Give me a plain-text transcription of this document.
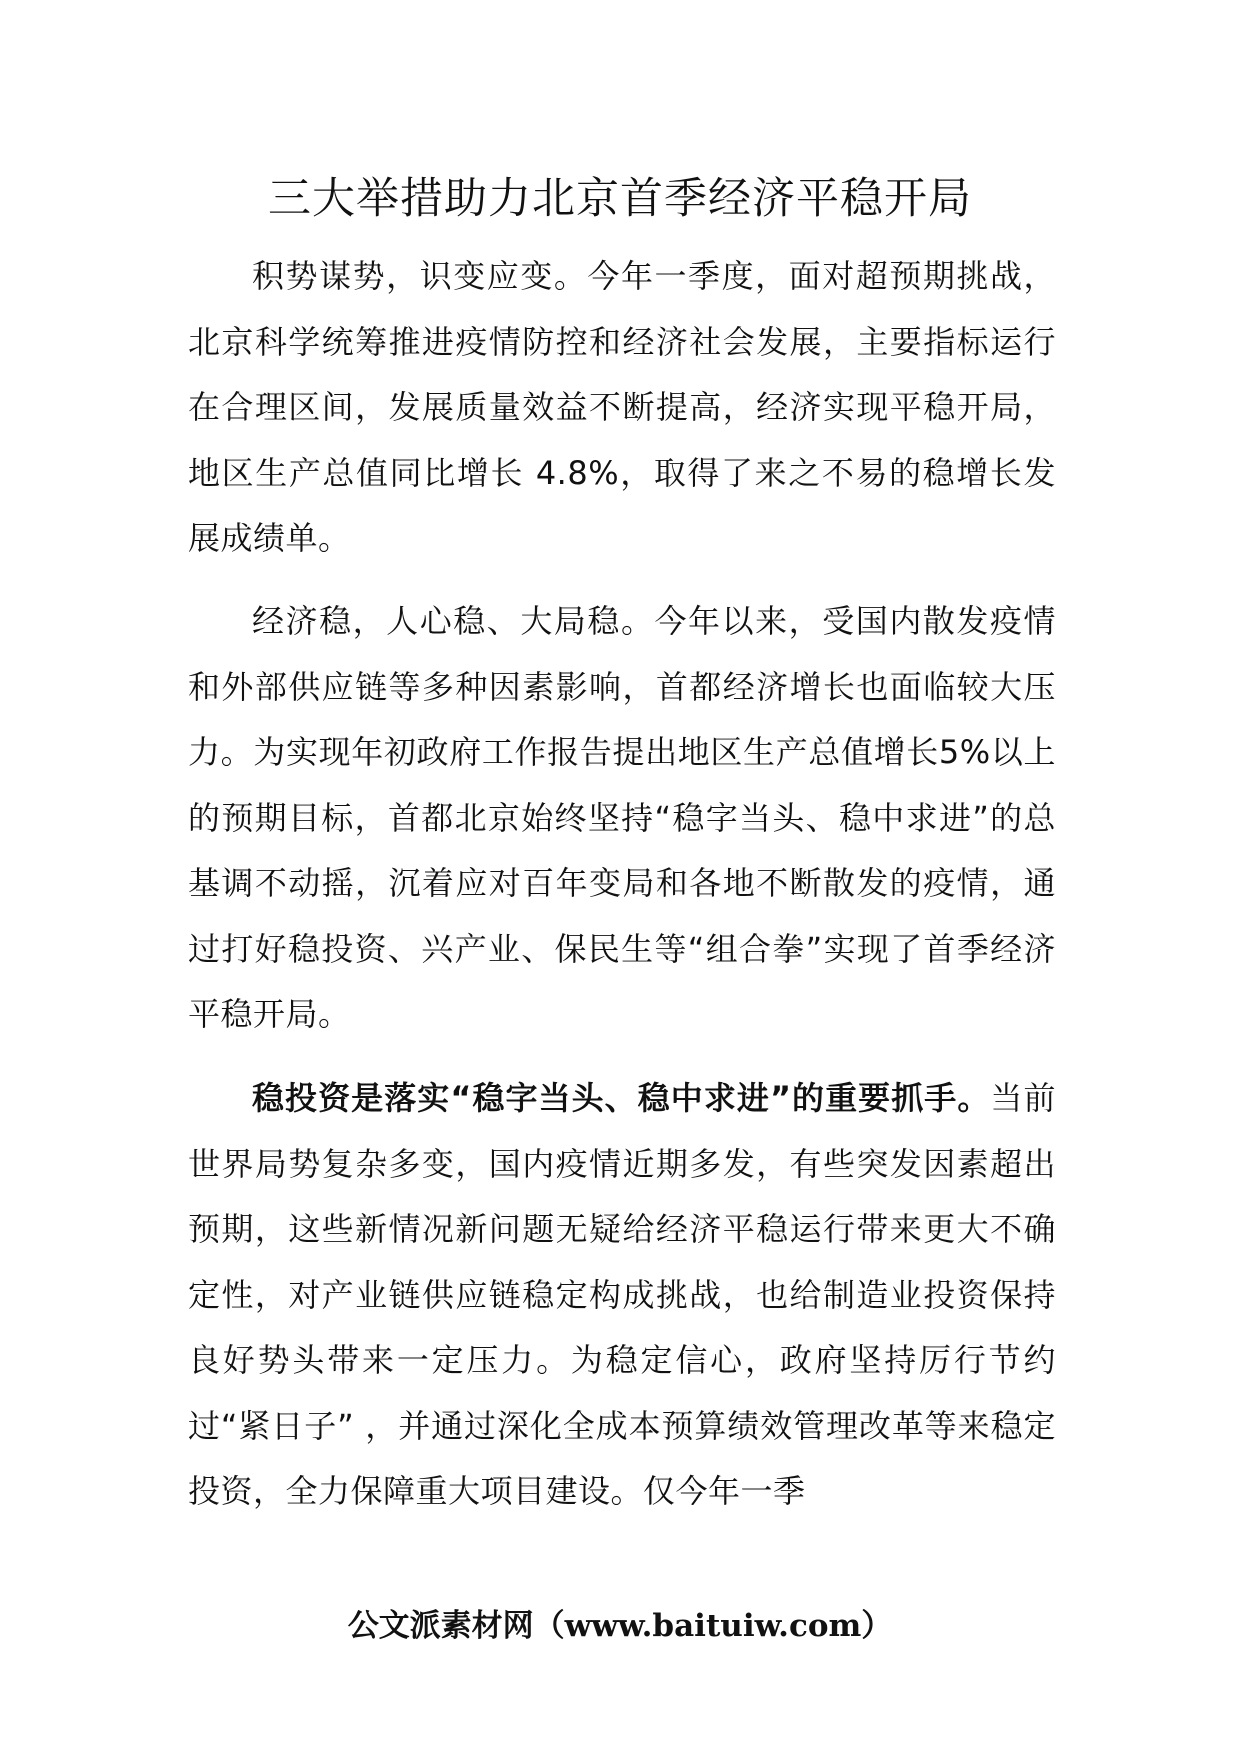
三大举措助力北京首季经济平稳开局

积势谋势，识变应变。今年一季度，面对超预期挑战，北京科学统筹推进疫情防控和经济社会发展，主要指标运行在合理区间，发展质量效益不断提高，经济实现平稳开局，地区生产总值同比增长 4.8%，取得了来之不易的稳增长发展成绩单。

经济稳，人心稳、大局稳。今年以来，受国内散发疫情和外部供应链等多种因素影响，首都经济增长也面临较大压力。为实现年初政府工作报告提出地区生产总值增长5%以上的预期目标，首都北京始终坚持“稳字当头、稳中求进”的总基调不动摇，沉着应对百年变局和各地不断散发的疫情，通过打好稳投资、兴产业、保民生等“组合拳”实现了首季经济平稳开局。

稳投资是落实“稳字当头、稳中求进”的重要抓手。当前世界局势复杂多变，国内疫情近期多发，有些突发因素超出预期，这些新情况新问题无疑给经济平稳运行带来更大不确定性，对产业链供应链稳定构成挑战，也给制造业投资保持良好势头带来一定压力。为稳定信心，政府坚持厉行节约过“紧日子” ，并通过深化全成本预算绩效管理改革等来稳定投资，全力保障重大项目建设。仅今年一季

公文派素材网（www.baituiw.com）
